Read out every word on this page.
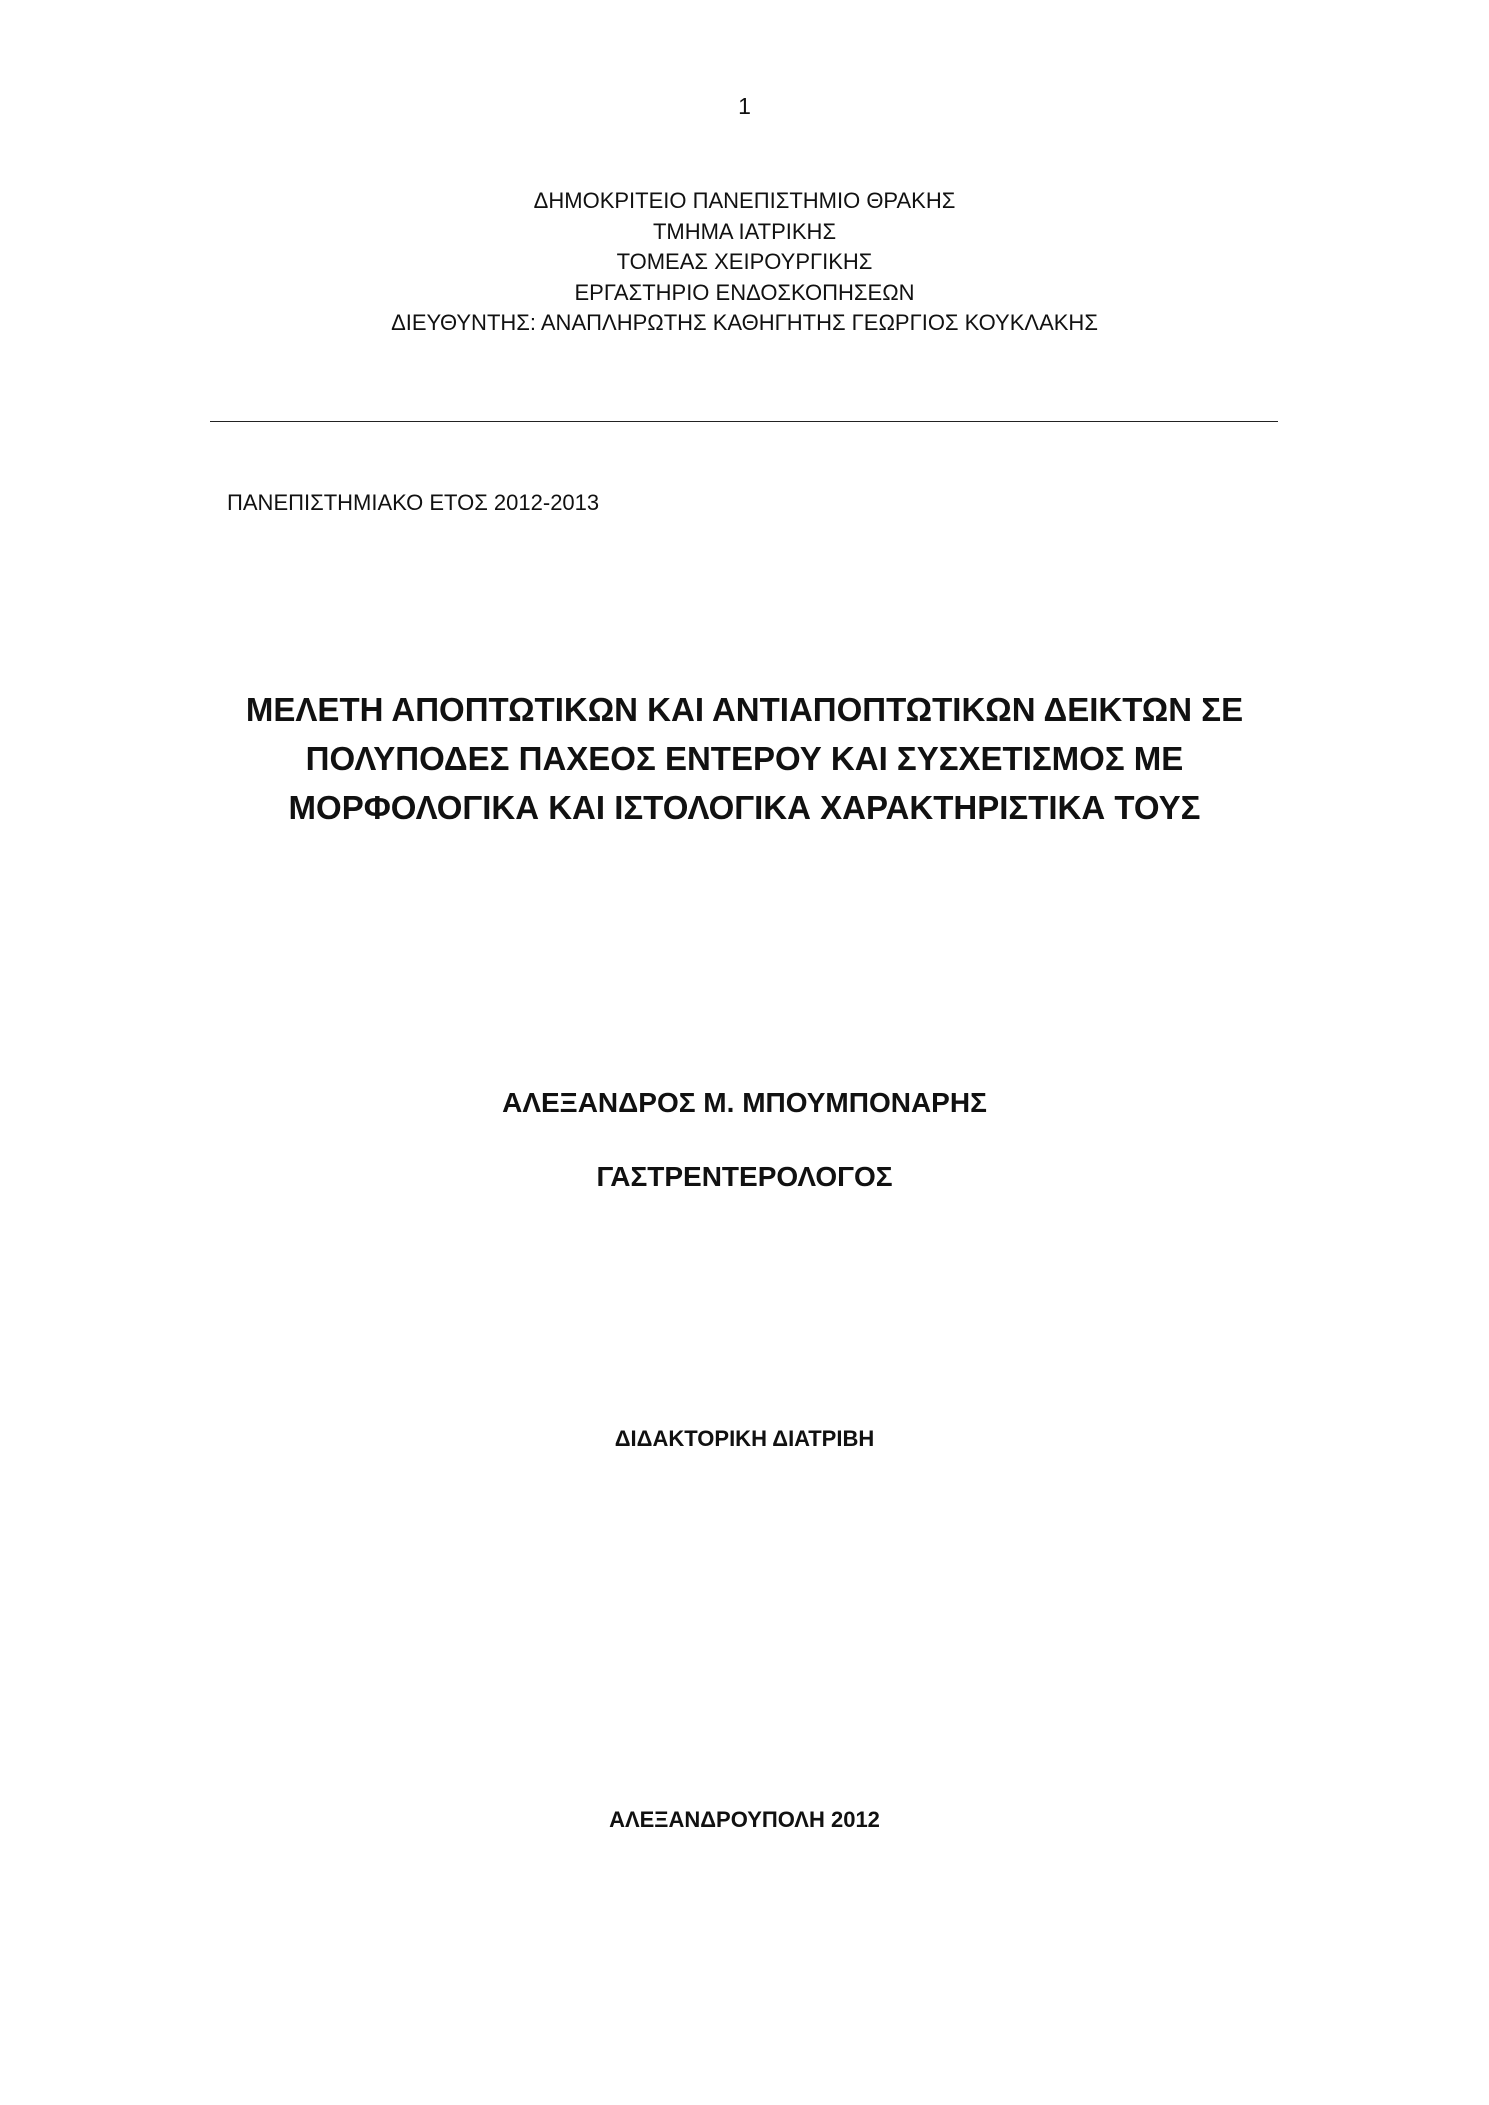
1
ΔΗΜΟΚΡΙΤΕΙΟ ΠΑΝΕΠΙΣΤΗΜΙΟ ΘΡΑΚΗΣ
ΤΜΗΜΑ ΙΑΤΡΙΚΗΣ
ΤΟΜΕΑΣ ΧΕΙΡΟΥΡΓΙΚΗΣ
ΕΡΓΑΣΤΗΡΙΟ ΕΝΔΟΣΚΟΠΗΣΕΩΝ
ΔΙΕΥΘΥΝΤΗΣ: ΑΝΑΠΛΗΡΩΤΗΣ ΚΑΘΗΓΗΤΗΣ ΓΕΩΡΓΙΟΣ ΚΟΥΚΛΑΚΗΣ
ΠΑΝΕΠΙΣΤΗΜΙΑΚΟ ΕΤΟΣ 2012-2013
ΜΕΛΕΤΗ ΑΠΟΠΤΩΤΙΚΩΝ ΚΑΙ ΑΝΤΙΑΠΟΠΤΩΤΙΚΩΝ ΔΕΙΚΤΩΝ ΣΕ
ΠΟΛΥΠΟΔΕΣ ΠΑΧΕΟΣ ΕΝΤΕΡΟΥ ΚΑΙ ΣΥΣΧΕΤΙΣΜΟΣ ΜΕ
ΜΟΡΦΟΛΟΓΙΚΑ ΚΑΙ ΙΣΤΟΛΟΓΙΚΑ ΧΑΡΑΚΤΗΡΙΣΤΙΚΑ ΤΟΥΣ
ΑΛΕΞΑΝΔΡΟΣ Μ. ΜΠΟΥΜΠΟΝΑΡΗΣ
ΓΑΣΤΡΕΝΤΕΡΟΛΟΓΟΣ
ΔΙΔΑΚΤΟΡΙΚΗ ΔΙΑΤΡΙΒΗ
ΑΛΕΞΑΝΔΡΟΥΠΟΛΗ 2012
